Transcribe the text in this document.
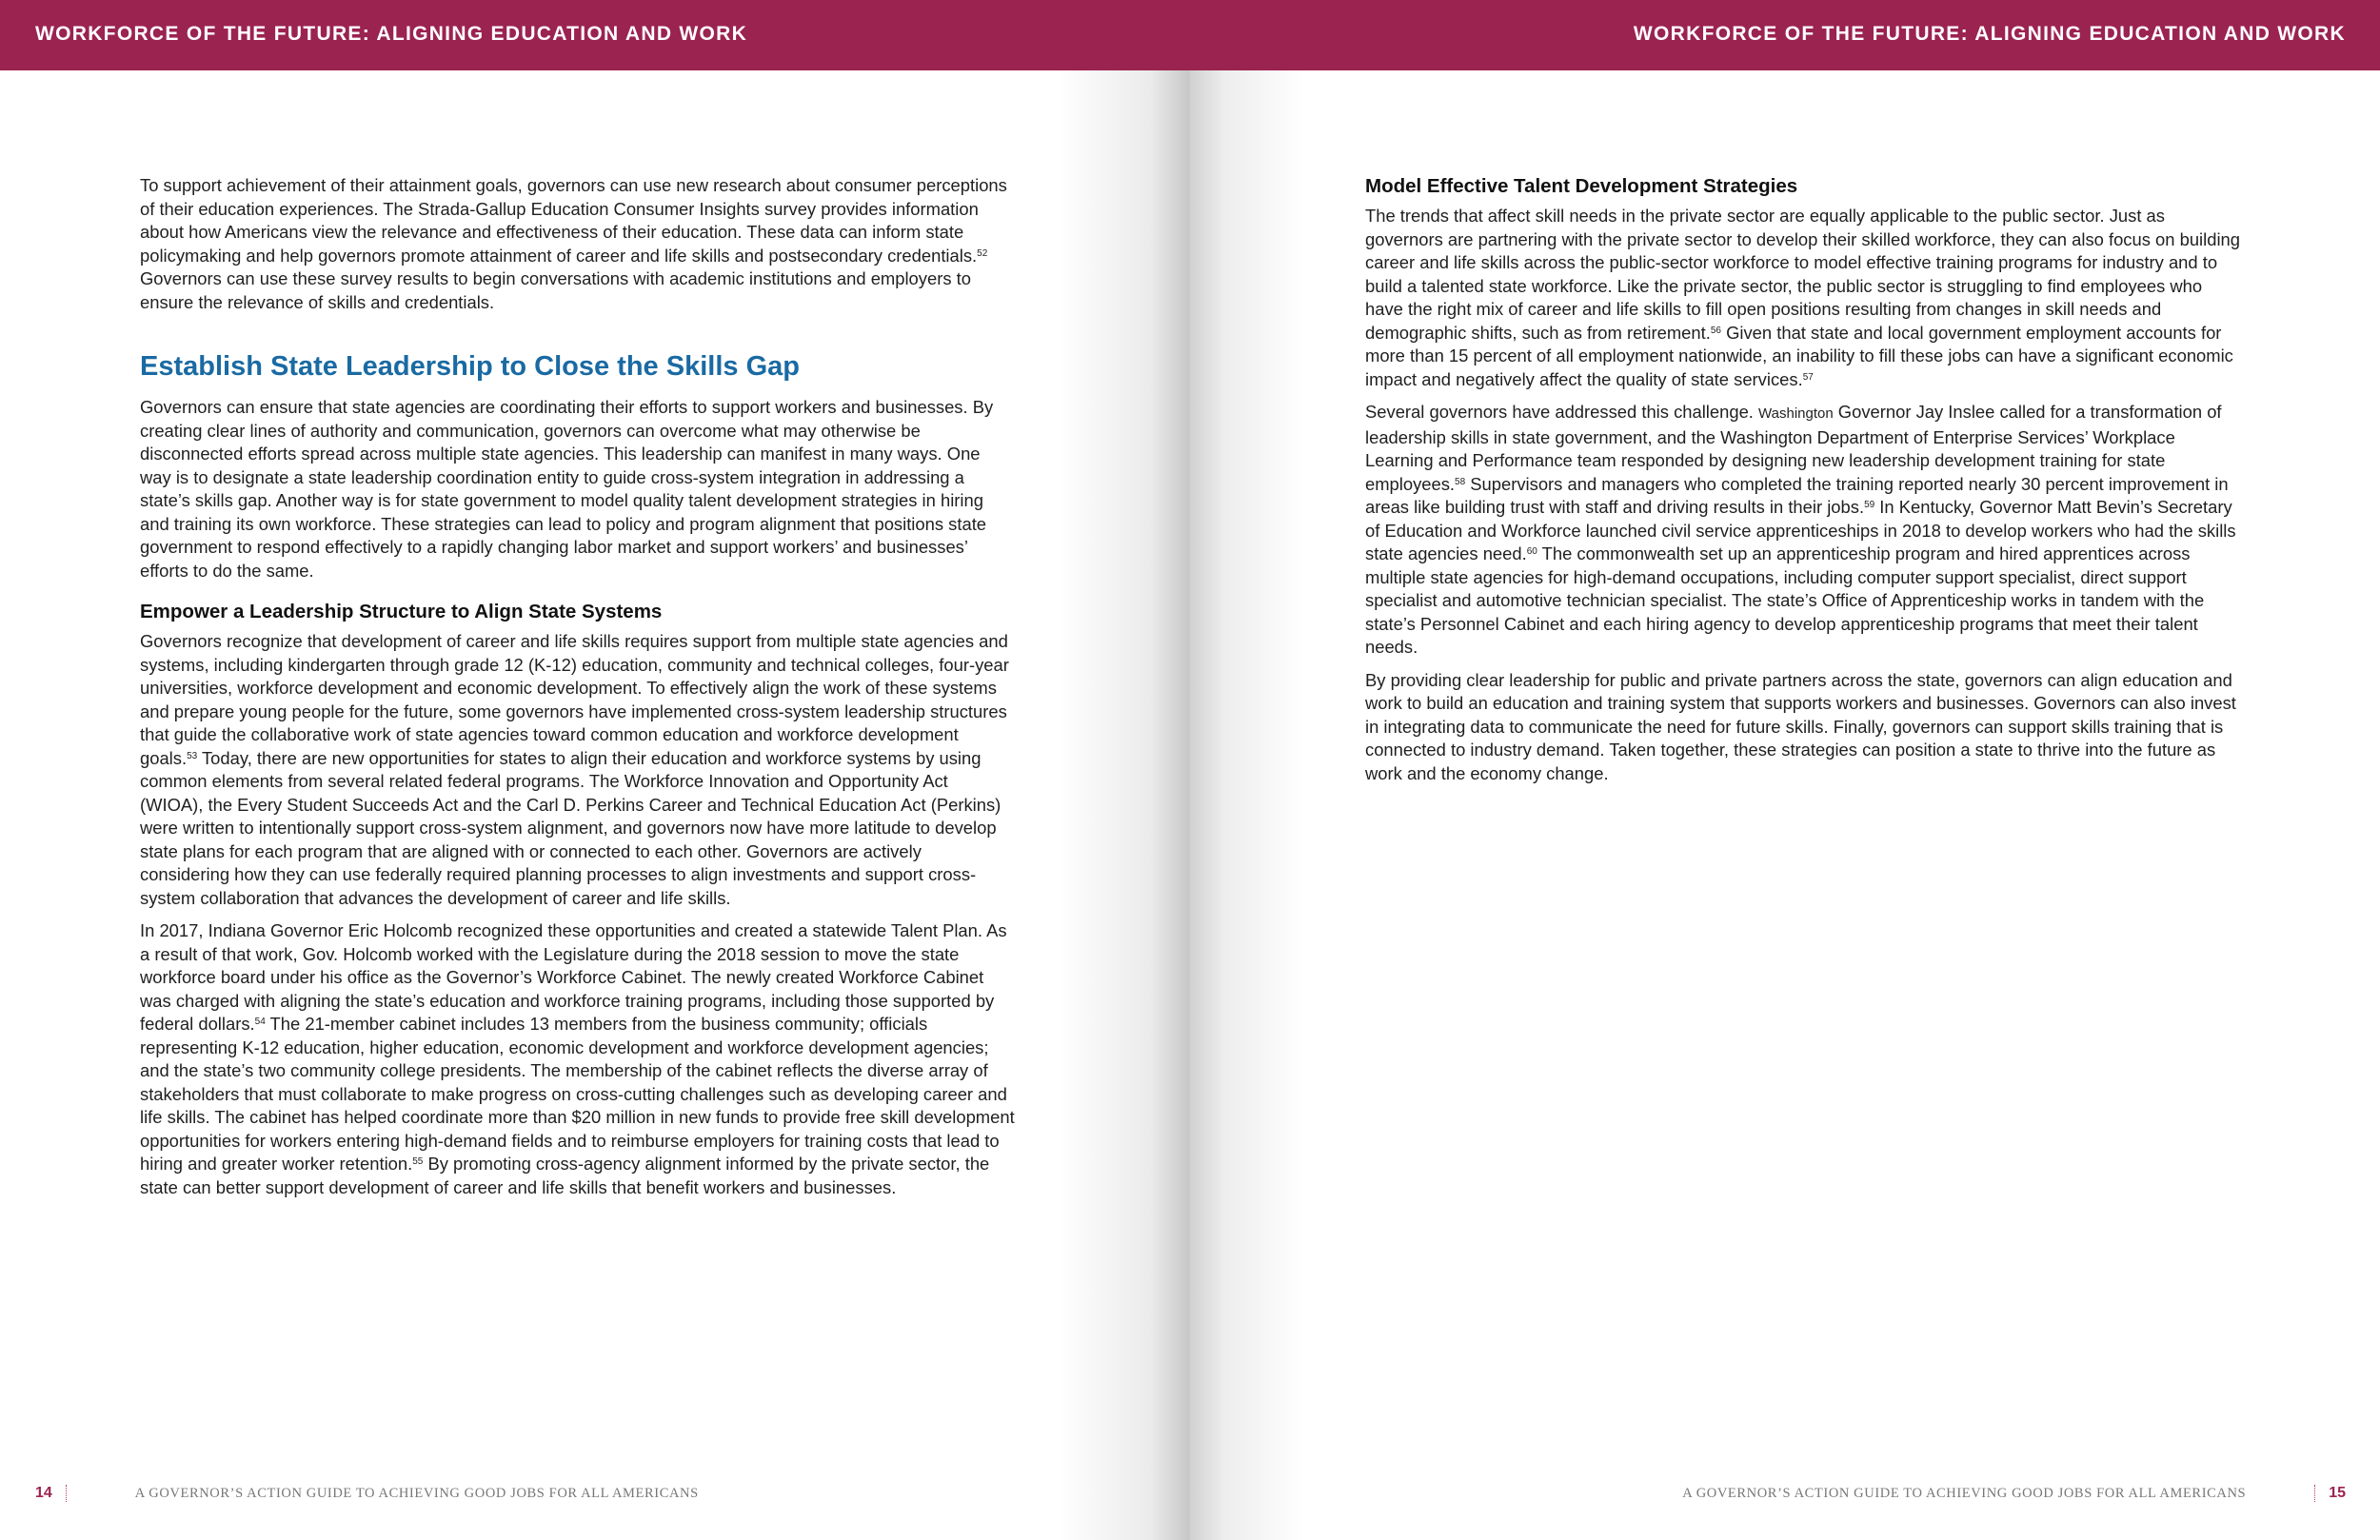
WORKFORCE OF THE FUTURE: ALIGNING EDUCATION AND WORK

To support achievement of their attainment goals, governors can use new research about consumer perceptions of their education experiences. The Strada-Gallup Education Consumer Insights survey provides information about how Americans view the relevance and effectiveness of their education. These data can inform state policymaking and help governors promote attainment of career and life skills and postsecondary credentials.$^{52}$ Governors can use these survey results to begin conversations with academic institutions and employers to ensure the relevance of skills and credentials.

Establish State Leadership to Close the Skills Gap

Governors can ensure that state agencies are coordinating their efforts to support workers and businesses. By creating clear lines of authority and communication, governors can overcome what may otherwise be disconnected efforts spread across multiple state agencies. This leadership can manifest in many ways. One way is to designate a state leadership coordination entity to guide cross-system integration in addressing a state’s skills gap. Another way is for state government to model quality talent development strategies in hiring and training its own workforce. These strategies can lead to policy and program alignment that positions state government to respond effectively to a rapidly changing labor market and support workers’ and businesses’ efforts to do the same.

Empower a Leadership Structure to Align State Systems

Governors recognize that development of career and life skills requires support from multiple state agencies and systems, including kindergarten through grade 12 (K-12) education, community and technical colleges, four-year universities, workforce development and economic development. To effectively align the work of these systems and prepare young people for the future, some governors have implemented cross-system leadership structures that guide the collaborative work of state agencies toward common education and workforce development goals.$^{53}$ Today, there are new opportunities for states to align their education and workforce systems by using common elements from several related federal programs. The Workforce Innovation and Opportunity Act (WIOA), the Every Student Succeeds Act and the Carl D. Perkins Career and Technical Education Act (Perkins) were written to intentionally support cross-system alignment, and governors now have more latitude to develop state plans for each program that are aligned with or connected to each other. Governors are actively considering how they can use federally required planning processes to align investments and support cross-system collaboration that advances the development of career and life skills.

In 2017, Indiana Governor Eric Holcomb recognized these opportunities and created a statewide Talent Plan. As a result of that work, Gov. Holcomb worked with the Legislature during the 2018 session to move the state workforce board under his office as the Governor’s Workforce Cabinet. The newly created Workforce Cabinet was charged with aligning the state’s education and workforce training programs, including those supported by federal dollars.$^{54}$ The 21-member cabinet includes 13 members from the business community; officials representing K-12 education, higher education, economic development and workforce development agencies; and the state’s two community college presidents. The membership of the cabinet reflects the diverse array of stakeholders that must collaborate to make progress on cross-cutting challenges such as developing career and life skills. The cabinet has helped coordinate more than $20 million in new funds to provide free skill development opportunities for workers entering high-demand fields and to reimburse employers for training costs that lead to hiring and greater worker retention.$^{55}$ By promoting cross-agency alignment informed by the private sector, the state can better support development of career and life skills that benefit workers and businesses.

14	A GOVERNOR’S ACTION GUIDE TO ACHIEVING GOOD JOBS FOR ALL AMERICANS
WORKFORCE OF THE FUTURE: ALIGNING EDUCATION AND WORK
Model Effective Talent Development Strategies

The trends that affect skill needs in the private sector are equally applicable to the public sector. Just as governors are partnering with the private sector to develop their skilled workforce, they can also focus on building career and life skills across the public-sector workforce to model effective training programs for industry and to build a talented state workforce. Like the private sector, the public sector is struggling to find employees who have the right mix of career and life skills to fill open positions resulting from changes in skill needs and demographic shifts, such as from retirement.$^{56}$ Given that state and local government employment accounts for more than 15 percent of all employment nationwide, an inability to fill these jobs can have a significant economic impact and negatively affect the quality of state services.$^{57}$

Several governors have addressed this challenge. Washington Governor Jay Inslee called for a transformation of leadership skills in state government, and the Washington Department of Enterprise Services’ Workplace Learning and Performance team responded by designing new leadership development training for state employees.$^{58}$ Supervisors and managers who completed the training reported nearly 30 percent improvement in areas like building trust with staff and driving results in their jobs.$^{59}$ In Kentucky, Governor Matt Bevin’s Secretary of Education and Workforce launched civil service apprenticeships in 2018 to develop workers who had the skills state agencies need.$^{60}$ The commonwealth set up an apprenticeship program and hired apprentices across multiple state agencies for high-demand occupations, including computer support specialist, direct support specialist and automotive technician specialist. The state’s Office of Apprenticeship works in tandem with the state’s Personnel Cabinet and each hiring agency to develop apprenticeship programs that meet their talent needs.

By providing clear leadership for public and private partners across the state, governors can align education and work to build an education and training system that supports workers and businesses. Governors can also invest in integrating data to communicate the need for future skills. Finally, governors can support skills training that is connected to industry demand. Taken together, these strategies can position a state to thrive into the future as work and the economy change.

A GOVERNOR’S ACTION GUIDE TO ACHIEVING GOOD JOBS FOR ALL AMERICANS	15
